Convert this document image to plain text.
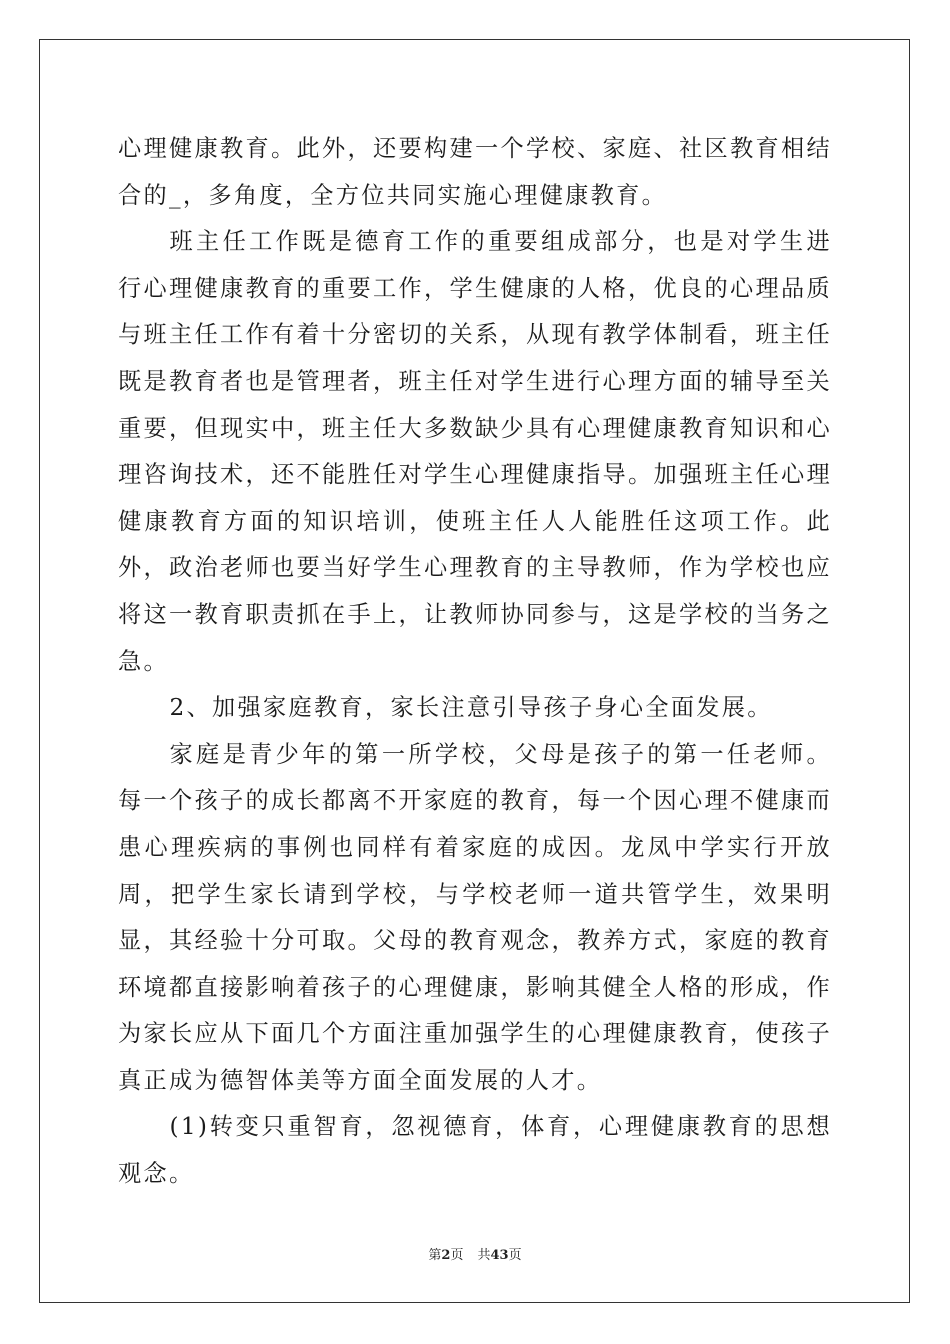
心理健康教育。此外，还要构建一个学校、家庭、社区教育相结合的_，多角度，全方位共同实施心理健康教育。

班主任工作既是德育工作的重要组成部分，也是对学生进行心理健康教育的重要工作，学生健康的人格，优良的心理品质与班主任工作有着十分密切的关系，从现有教学体制看，班主任既是教育者也是管理者，班主任对学生进行心理方面的辅导至关重要，但现实中，班主任大多数缺少具有心理健康教育知识和心理咨询技术，还不能胜任对学生心理健康指导。加强班主任心理健康教育方面的知识培训，使班主任人人能胜任这项工作。此外，政治老师也要当好学生心理教育的主导教师，作为学校也应将这一教育职责抓在手上，让教师协同参与，这是学校的当务之急。

2、加强家庭教育，家长注意引导孩子身心全面发展。

家庭是青少年的第一所学校，父母是孩子的第一任老师。每一个孩子的成长都离不开家庭的教育，每一个因心理不健康而患心理疾病的事例也同样有着家庭的成因。龙凤中学实行开放周，把学生家长请到学校，与学校老师一道共管学生，效果明显，其经验十分可取。父母的教育观念，教养方式，家庭的教育环境都直接影响着孩子的心理健康，影响其健全人格的形成，作为家长应从下面几个方面注重加强学生的心理健康教育，使孩子真正成为德智体美等方面全面发展的人才。

(1)转变只重智育，忽视德育，体育，心理健康教育的思想观念。

第2页 共43页
